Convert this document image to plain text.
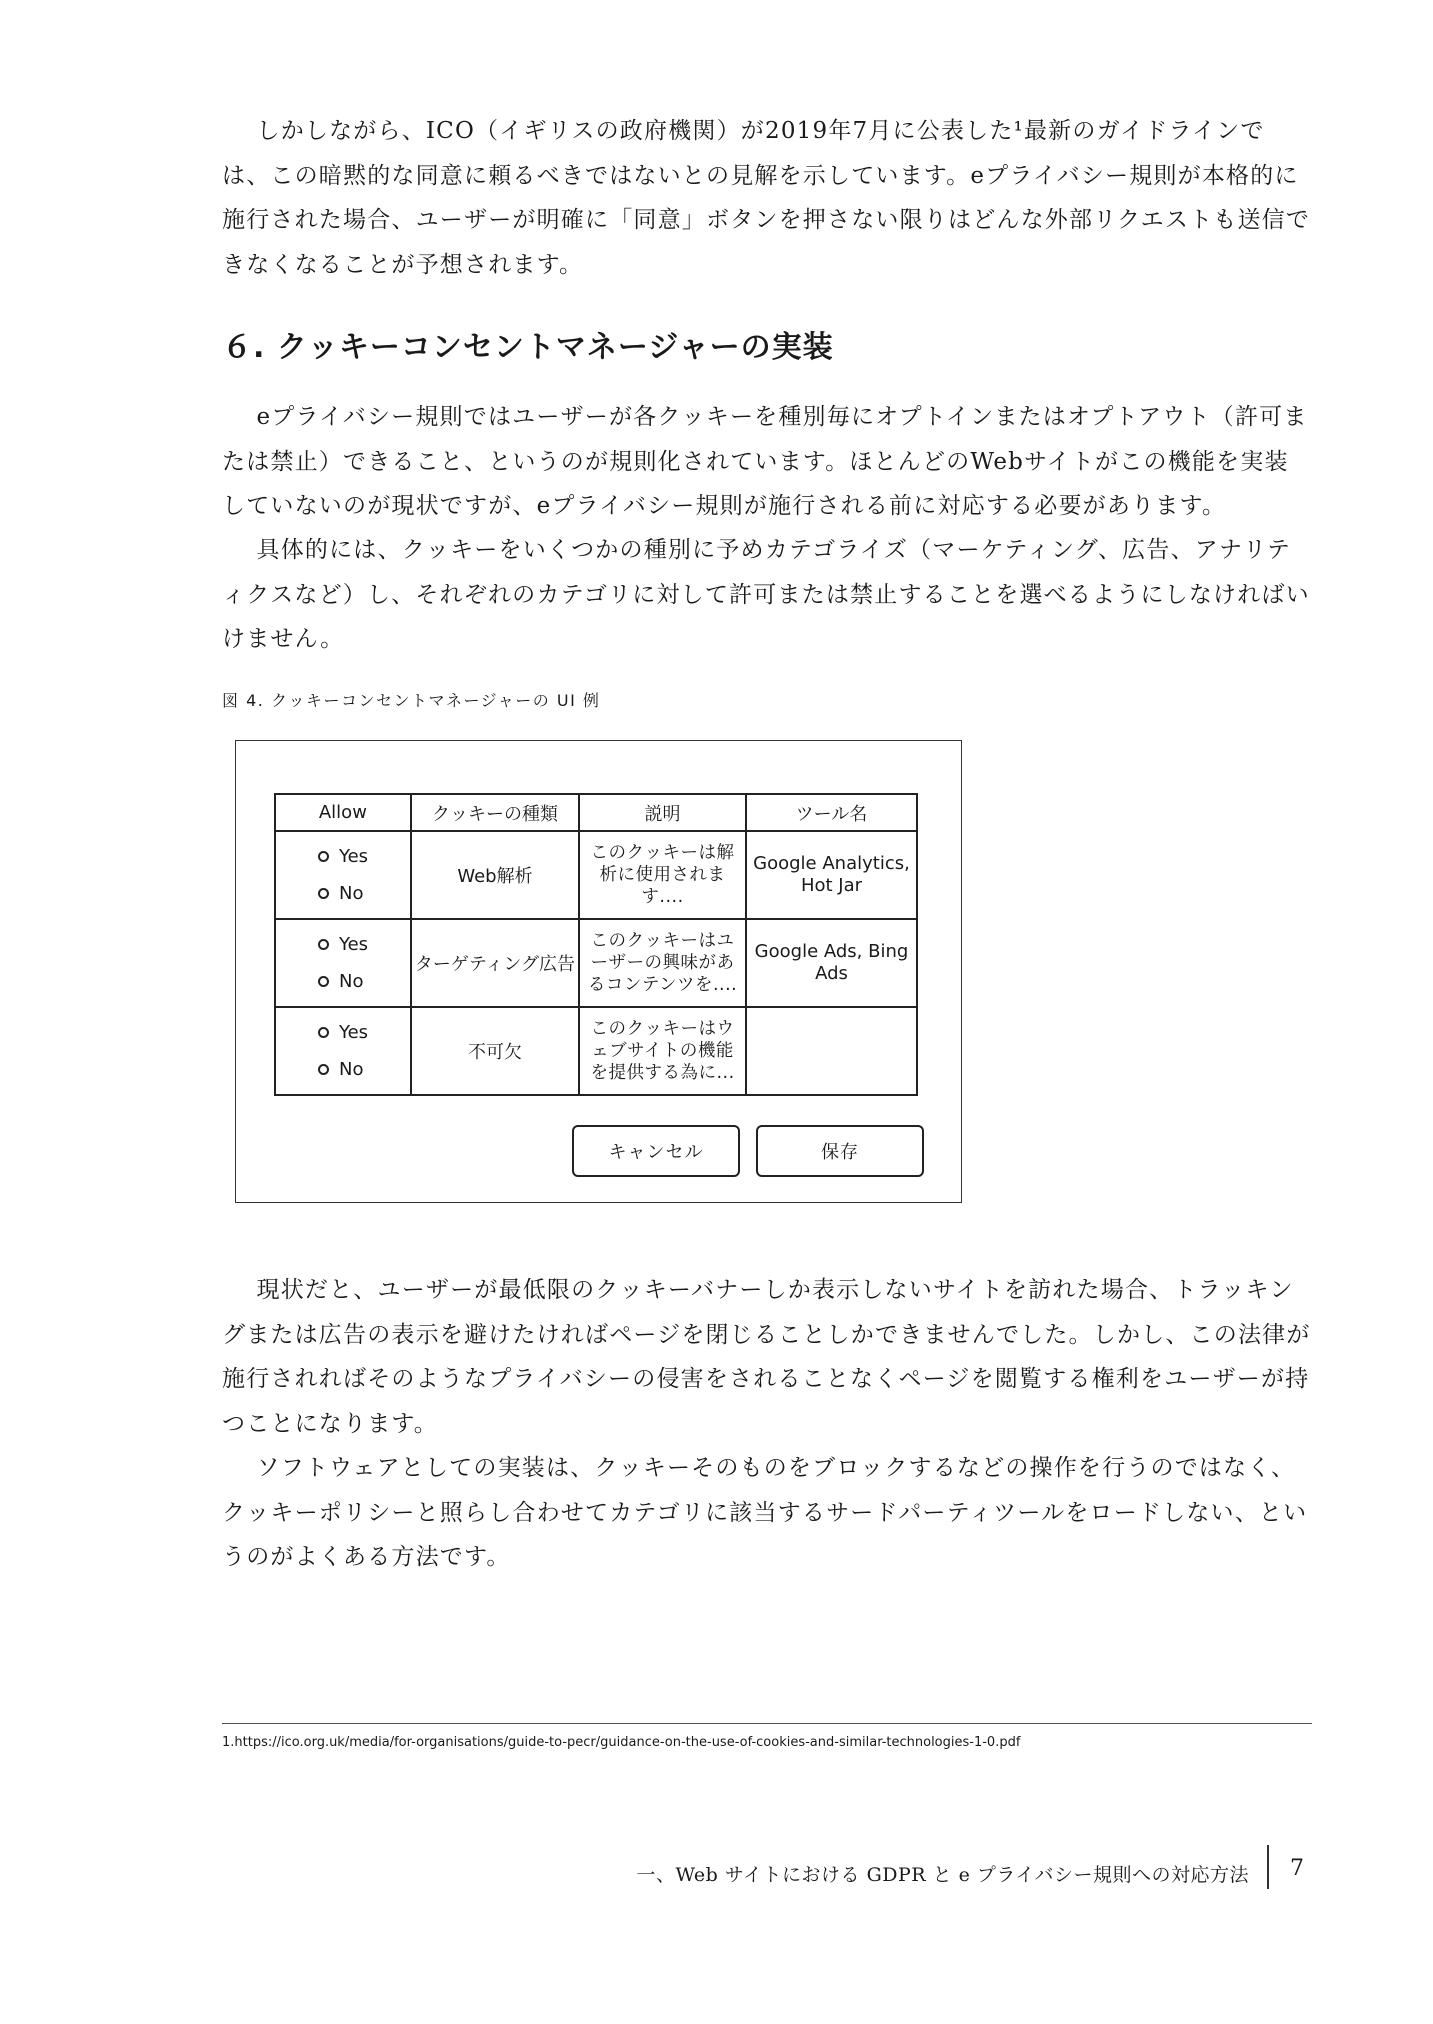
しかしながら、ICO（イギリスの政府機関）が2019年7月に公表した¹最新のガイドラインでは、この暗黙的な同意に頼るべきではないとの見解を示しています。eプライバシー規則が本格的に施行された場合、ユーザーが明確に「同意」ボタンを押さない限りはどんな外部リクエストも送信できなくなることが予想されます。

６. クッキーコンセントマネージャーの実装

eプライバシー規則ではユーザーが各クッキーを種別毎にオプトインまたはオプトアウト（許可または禁止）できること、というのが規則化されています。ほとんどのWebサイトがこの機能を実装していないのが現状ですが、eプライバシー規則が施行される前に対応する必要があります。

具体的には、クッキーをいくつかの種別に予めカテゴライズ（マーケティング、広告、アナリティクスなど）し、それぞれのカテゴリに対して許可または禁止することを選べるようにしなければいけません。

図 4. クッキーコンセントマネージャーの UI 例

Allow	クッキーの種類	説明	ツール名

Yes
No	Web解析	このクッキーは解析に使用されます....	Google Analytics, Hot Jar

Yes
No	ターゲティング広告	このクッキーはユーザーの興味があるコンテンツを....	Google Ads, Bing Ads

Yes
No	不可欠	このクッキーはウェブサイトの機能を提供する為に...	
キャンセル	保存

現状だと、ユーザーが最低限のクッキーバナーしか表示しないサイトを訪れた場合、トラッキングまたは広告の表示を避けたければページを閉じることしかできませんでした。しかし、この法律が施行されればそのようなプライバシーの侵害をされることなくページを閲覧する権利をユーザーが持つことになります。

ソフトウェアとしての実装は、クッキーそのものをブロックするなどの操作を行うのではなく、クッキーポリシーと照らし合わせてカテゴリに該当するサードパーティツールをロードしない、というのがよくある方法です。

1.https://ico.org.uk/media/for-organisations/guide-to-pecr/guidance-on-the-use-of-cookies-and-similar-technologies-1-0.pdf

一、Web サイトにおける GDPR と e プライバシー規則への対応方法 7
